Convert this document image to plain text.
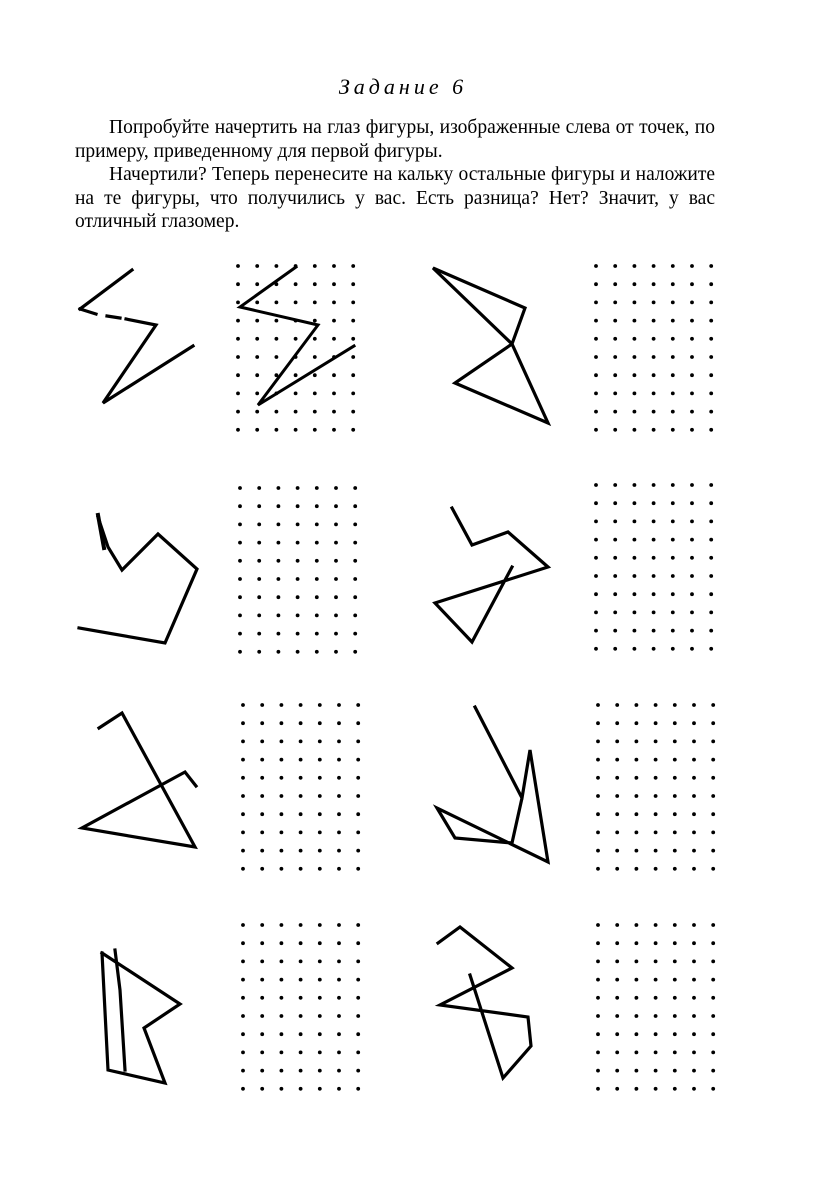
Задание 6

Попробуйте начертить на глаз фигуры, изображенные слева от точек, по примеру, приведенному для первой фигуры.

Начертили? Теперь перенесите на кальку остальные фигуры и наложите на те фигуры, что получились у вас. Есть разница? Нет? Значит, у вас отличный глазомер.
